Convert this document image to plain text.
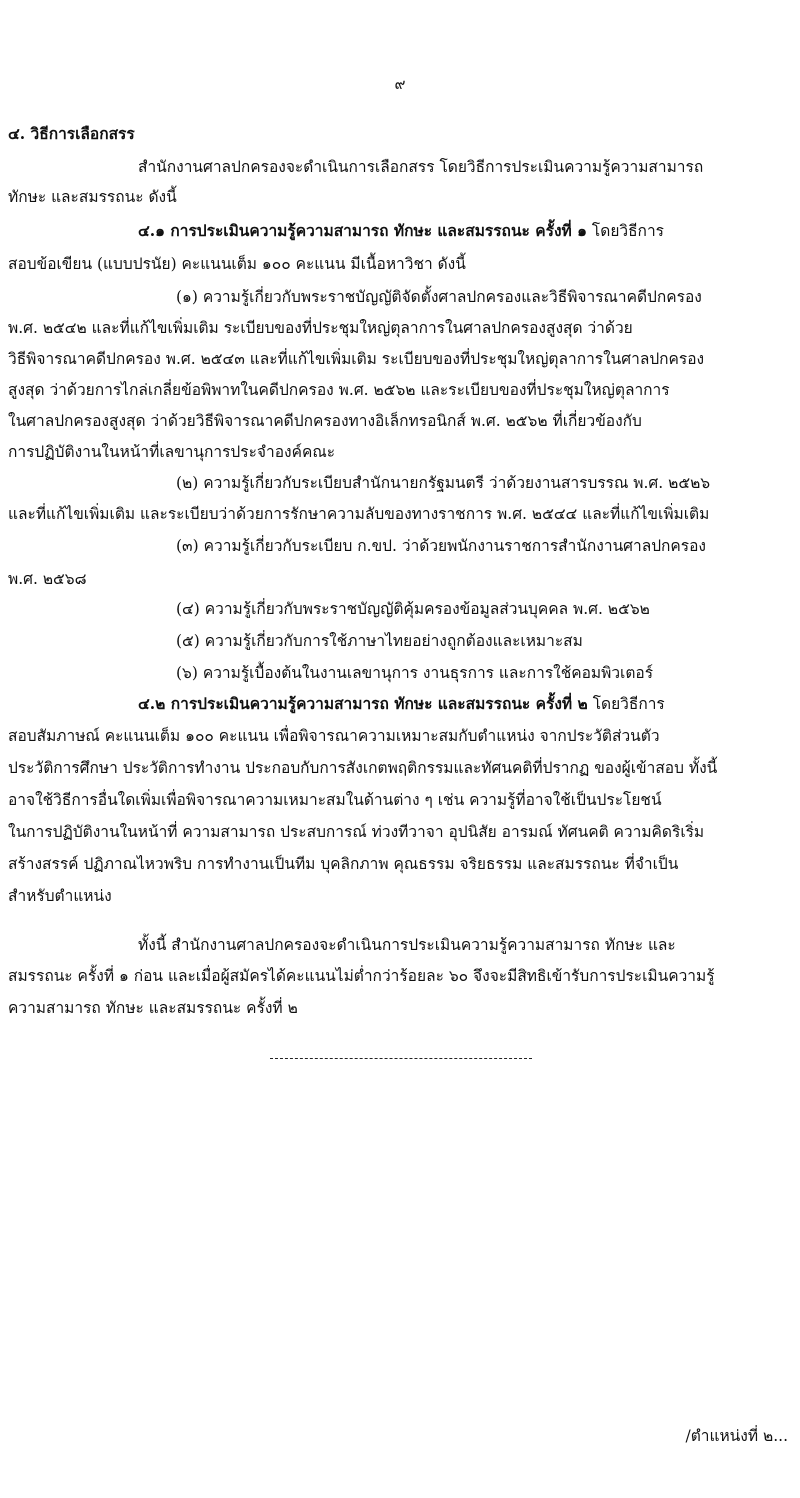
๙
๔. วิธีการเลือกสรร
สำนักงานศาลปกครองจะดำเนินการเลือกสรร โดยวิธีการประเมินความรู้ความสามารถ
ทักษะ และสมรรถนะ ดังนี้
๔.๑ การประเมินความรู้ความสามารถ ทักษะ และสมรรถนะ ครั้งที่ ๑ โดยวิธีการ
สอบข้อเขียน (แบบปรนัย) คะแนนเต็ม ๑๐๐ คะแนน มีเนื้อหาวิชา ดังนี้
(๑) ความรู้เกี่ยวกับพระราชบัญญัติจัดตั้งศาลปกครองและวิธีพิจารณาคดีปกครอง
พ.ศ. ๒๕๔๒ และที่แก้ไขเพิ่มเติม ระเบียบของที่ประชุมใหญ่ตุลาการในศาลปกครองสูงสุด ว่าด้วย
วิธีพิจารณาคดีปกครอง พ.ศ. ๒๕๔๓ และที่แก้ไขเพิ่มเติม ระเบียบของที่ประชุมใหญ่ตุลาการในศาลปกครอง
สูงสุด ว่าด้วยการไกล่เกลี่ยข้อพิพาทในคดีปกครอง พ.ศ. ๒๕๖๒ และระเบียบของที่ประชุมใหญ่ตุลาการ
ในศาลปกครองสูงสุด ว่าด้วยวิธีพิจารณาคดีปกครองทางอิเล็กทรอนิกส์ พ.ศ. ๒๕๖๒ ที่เกี่ยวข้องกับ
การปฏิบัติงานในหน้าที่เลขานุการประจำองค์คณะ
(๒) ความรู้เกี่ยวกับระเบียบสำนักนายกรัฐมนตรี ว่าด้วยงานสารบรรณ พ.ศ. ๒๕๒๖
และที่แก้ไขเพิ่มเติม และระเบียบว่าด้วยการรักษาความลับของทางราชการ พ.ศ. ๒๕๔๔ และที่แก้ไขเพิ่มเติม
(๓) ความรู้เกี่ยวกับระเบียบ ก.ขป. ว่าด้วยพนักงานราชการสำนักงานศาลปกครอง
พ.ศ. ๒๕๖๘
(๔) ความรู้เกี่ยวกับพระราชบัญญัติคุ้มครองข้อมูลส่วนบุคคล พ.ศ. ๒๕๖๒
(๕) ความรู้เกี่ยวกับการใช้ภาษาไทยอย่างถูกต้องและเหมาะสม
(๖) ความรู้เบื้องต้นในงานเลขานุการ งานธุรการ และการใช้คอมพิวเตอร์
๔.๒ การประเมินความรู้ความสามารถ ทักษะ และสมรรถนะ ครั้งที่ ๒ โดยวิธีการ
สอบสัมภาษณ์ คะแนนเต็ม ๑๐๐ คะแนน เพื่อพิจารณาความเหมาะสมกับตำแหน่ง จากประวัติส่วนตัว
ประวัติการศึกษา ประวัติการทำงาน ประกอบกับการสังเกตพฤติกรรมและทัศนคติที่ปรากฏ ของผู้เข้าสอบ ทั้งนี้
อาจใช้วิธีการอื่นใดเพิ่มเพื่อพิจารณาความเหมาะสมในด้านต่าง ๆ เช่น ความรู้ที่อาจใช้เป็นประโยชน์
ในการปฏิบัติงานในหน้าที่ ความสามารถ ประสบการณ์ ท่วงทีวาจา อุปนิสัย อารมณ์ ทัศนคติ ความคิดริเริ่ม
สร้างสรรค์ ปฏิภาณไหวพริบ การทำงานเป็นทีม บุคลิกภาพ คุณธรรม จริยธรรม และสมรรถนะ ที่จำเป็น
สำหรับตำแหน่ง
ทั้งนี้ สำนักงานศาลปกครองจะดำเนินการประเมินความรู้ความสามารถ ทักษะ และ
สมรรถนะ ครั้งที่ ๑ ก่อน และเมื่อผู้สมัครได้คะแนนไม่ต่ำกว่าร้อยละ ๖๐ จึงจะมีสิทธิเข้ารับการประเมินความรู้
ความสามารถ ทักษะ และสมรรถนะ ครั้งที่ ๒
/ตำแหน่งที่ ๒...
